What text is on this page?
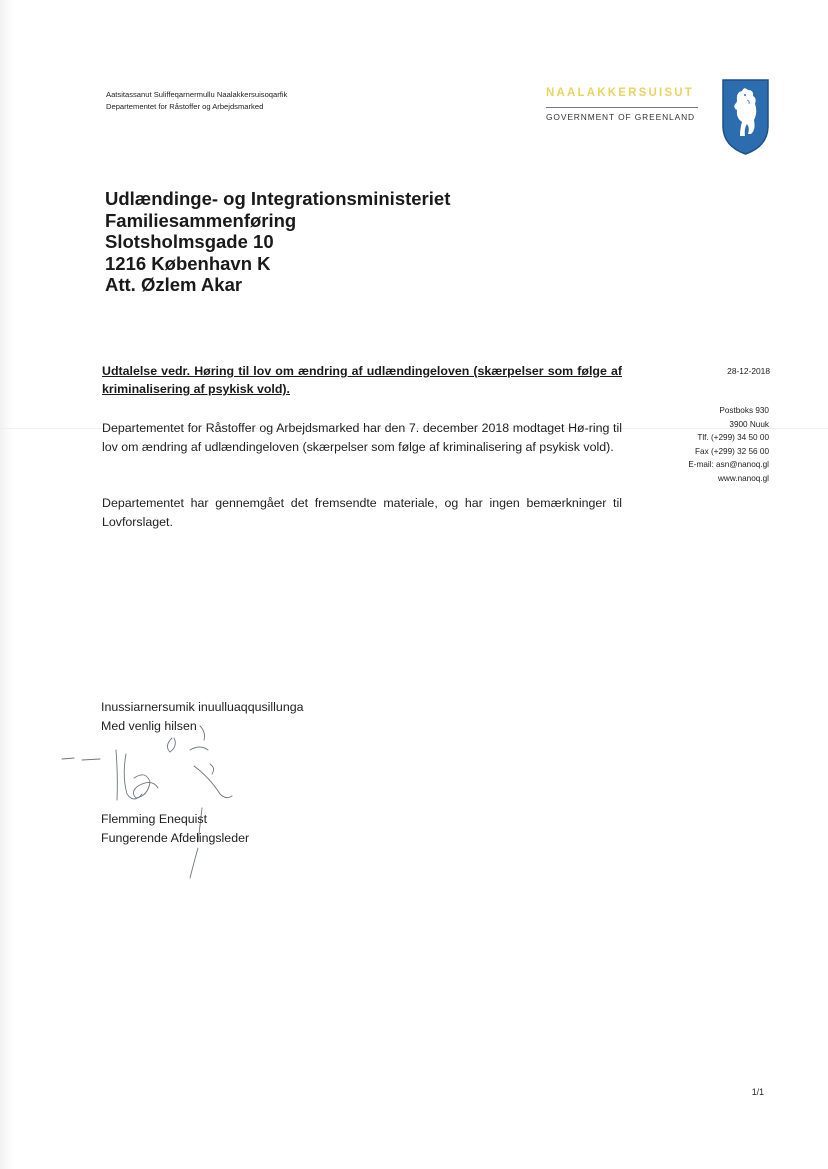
Aatsitassanut Suliffeqarnermullu Naalakkersuisoqarfik
Departementet for Råstoffer og Arbejdsmarked
NAALAKKERSUISUT
GOVERNMENT OF GREENLAND
Udlændinge- og Integrationsministeriet
Familiesammenføring
Slotsholmsgade 10
1216 København K
Att. Øzlem Akar
Udtalelse vedr. Høring til lov om ændring af udlændingeloven (skærpelser som følge af kriminalisering af psykisk vold).
28-12-2018
Postboks 930
3900 Nuuk
Tlf. (+299) 34 50 00
Fax (+299) 32 56 00
E-mail: asn@nanoq.gl
www.nanoq.gl
Departementet for Råstoffer og Arbejdsmarked har den 7. december 2018 modtaget Hø-ring til lov om ændring af udlændingeloven (skærpelser som følge af kriminalisering af psykisk vold).
Departementet har gennemgået det fremsendte materiale, og har ingen bemærkninger til Lovforslaget.
Inussiarnersumik inuulluaqqusillunga
Med venlig hilsen
Flemming Enequist
Fungerende Afdelingsleder
1/1
